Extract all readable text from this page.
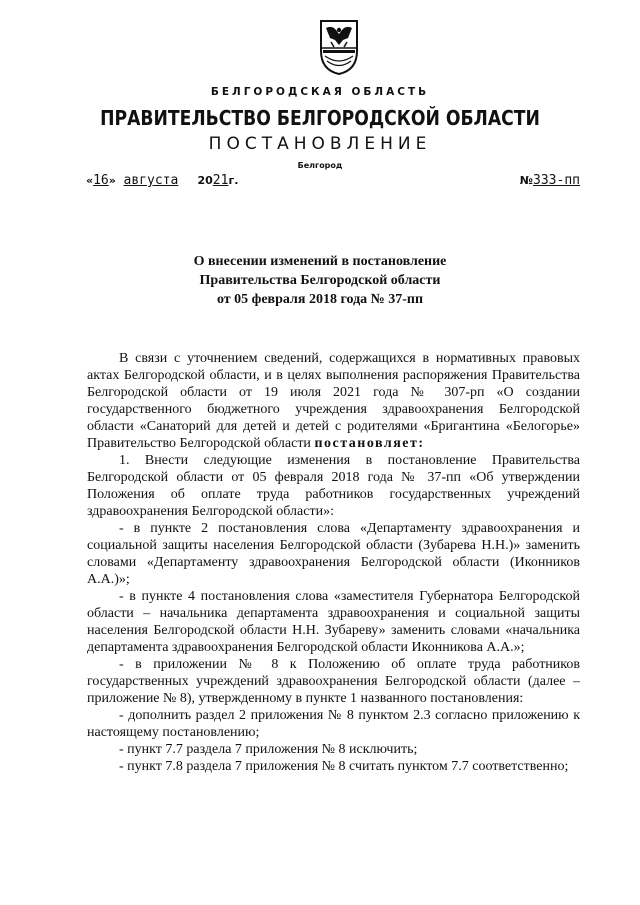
БЕЛГОРОДСКАЯ ОБЛАСТЬ
ПРАВИТЕЛЬСТВО БЕЛГОРОДСКОЙ ОБЛАСТИ
ПОСТАНОВЛЕНИЕ
Белгород
«16»  августа 2021г.	№333-пп
О внесении изменений в постановление
Правительства Белгородской области
от 05 февраля 2018 года № 37-пп

В связи с уточнением сведений, содержащихся в нормативных правовых актах Белгородской области, и в целях выполнения распоряжения Правительства Белгородской области от 19 июля 2021 года № 307-рп «О создании государственного бюджетного учреждения здравоохранения Белгородской области «Санаторий для детей и детей с родителями «Бригантина «Белогорье» Правительство Белгородской области постановляет:

1. Внести следующие изменения в постановление Правительства Белгородской области от 05 февраля 2018 года № 37-пп «Об утверждении Положения об оплате труда работников государственных учреждений здравоохранения Белгородской области»:

- в пункте 2 постановления слова «Департаменту здравоохранения и социальной защиты населения Белгородской области (Зубарева Н.Н.)» заменить словами «Департаменту здравоохранения Белгородской области (Иконников А.А.)»;

- в пункте 4 постановления слова «заместителя Губернатора Белгородской области – начальника департамента здравоохранения и социальной защиты населения Белгородской области Н.Н. Зубареву» заменить словами «начальника департамента здравоохранения Белгородской области Иконникова А.А.»;

- в приложении № 8 к Положению об оплате труда работников государственных учреждений здравоохранения Белгородской области (далее – приложение № 8), утвержденному в пункте 1 названного постановления:

- дополнить раздел 2 приложения № 8 пунктом 2.3 согласно приложению к настоящему постановлению;

- пункт 7.7 раздела 7 приложения № 8 исключить;

- пункт 7.8 раздела 7 приложения № 8 считать пунктом 7.7 соответственно;
